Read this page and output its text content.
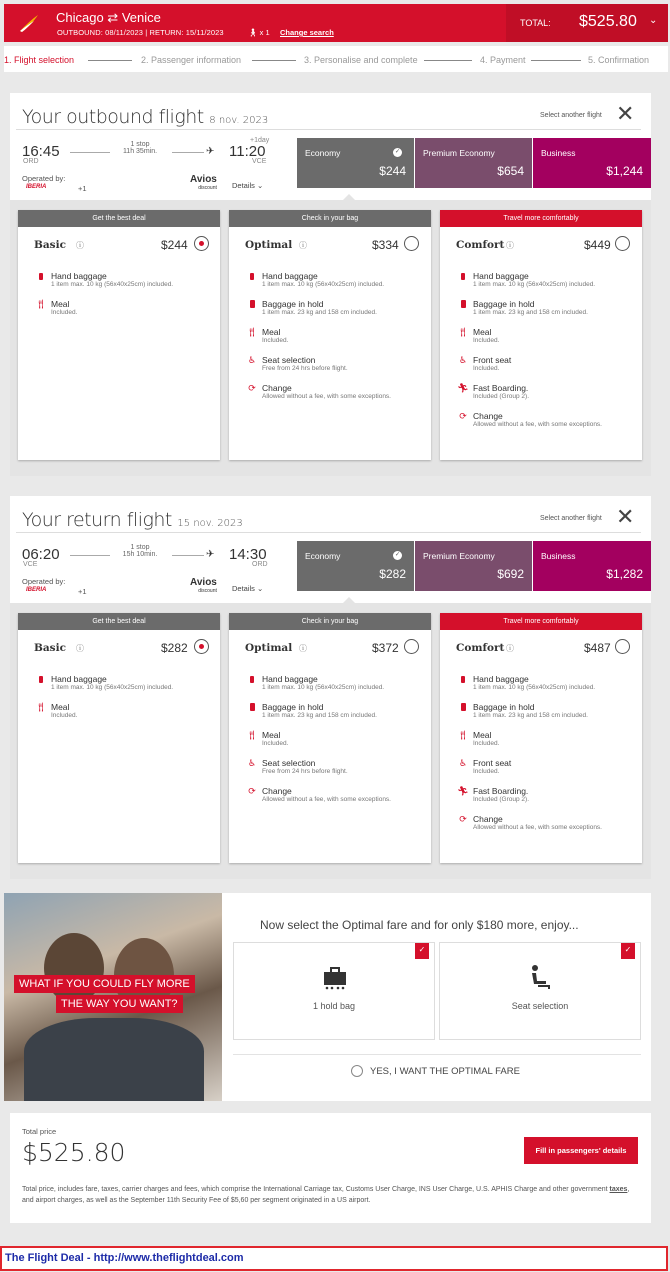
Chicago ⇄ Venice
OUTBOUND: 08/11/2023 | RETURN: 15/11/2023	🚶︎ x 1 Change search
TOTAL: $525.80 ⌄
1. Flight selection	2. Passenger information	3. Personalise and complete	4. Payment	5. Confirmation
Your outbound flight 8 nov. 2023	Select another flight ✕
16:45
ORD
1 stop
11h 35min.	✈
+1day
11:20
VCE
Operated by:
IBERIA	+1
Avios
discount Details ⌄
Economy	✓
$244
Premium Economy
$654
Business
$1,244
Get the best deal
Basic ⓘ	$244
Hand baggage
1 item max. 10 kg (56x40x25cm) included.
🍴︎ Meal
Included.
Check in your bag
Optimal ⓘ	$334
Hand baggage
1 item max. 10 kg (56x40x25cm) included.
Baggage in hold
1 item max. 23 kg and 158 cm included.
🍴︎ Meal
Included.
♿︎ Seat selection
Free from 24 hrs before flight.
⟳ Change
Allowed without a fee, with some exceptions.
Travel more comfortably
Comfort ⓘ	$449
Hand baggage
1 item max. 10 kg (56x40x25cm) included.
Baggage in hold
1 item max. 23 kg and 158 cm included.
🍴︎ Meal
Included.
♿︎ Front seat
Included.
🏃︎ Fast Boarding.
Included (Group 2).
⟳ Change
Allowed without a fee, with some exceptions.
Your return flight 15 nov. 2023	Select another flight ✕
06:20
VCE
1 stop
15h 10min.	✈ 14:30
ORD
Operated by:
IBERIA	+1
Avios
discount Details ⌄
Economy	✓
$282
Premium Economy
$692
Business
$1,282
Get the best deal
Basic ⓘ	$282
Hand baggage
1 item max. 10 kg (56x40x25cm) included.
🍴︎ Meal
Included.
Check in your bag
Optimal ⓘ	$372
Hand baggage
1 item max. 10 kg (56x40x25cm) included.
Baggage in hold
1 item max. 23 kg and 158 cm included.
🍴︎ Meal
Included.
♿︎ Seat selection
Free from 24 hrs before flight.
⟳ Change
Allowed without a fee, with some exceptions.
Travel more comfortably
Comfort ⓘ	$487
Hand baggage
1 item max. 10 kg (56x40x25cm) included.
Baggage in hold
1 item max. 23 kg and 158 cm included.
🍴︎ Meal
Included.
♿︎ Front seat
Included.
🏃︎ Fast Boarding.
Included (Group 2).
⟳ Change
Allowed without a fee, with some exceptions.
WHAT IF YOU COULD FLY MORE
THE WAY YOU WANT?
Now select the Optimal fare and for only $180 more, enjoy...
✓
1 hold bag
✓
Seat selection
YES, I WANT THE OPTIMAL FARE
Total price
$525.80	Fill in passengers' details
Total price, includes fare, taxes, carrier charges and fees, which comprise the International Carriage tax, Customs User Charge, INS User Charge, U.S. APHIS Charge and other government taxes, and airport charges, as well as the September 11th Security Fee of $5,60 per segment originated in a US airport.
The Flight Deal - http://www.theflightdeal.com
